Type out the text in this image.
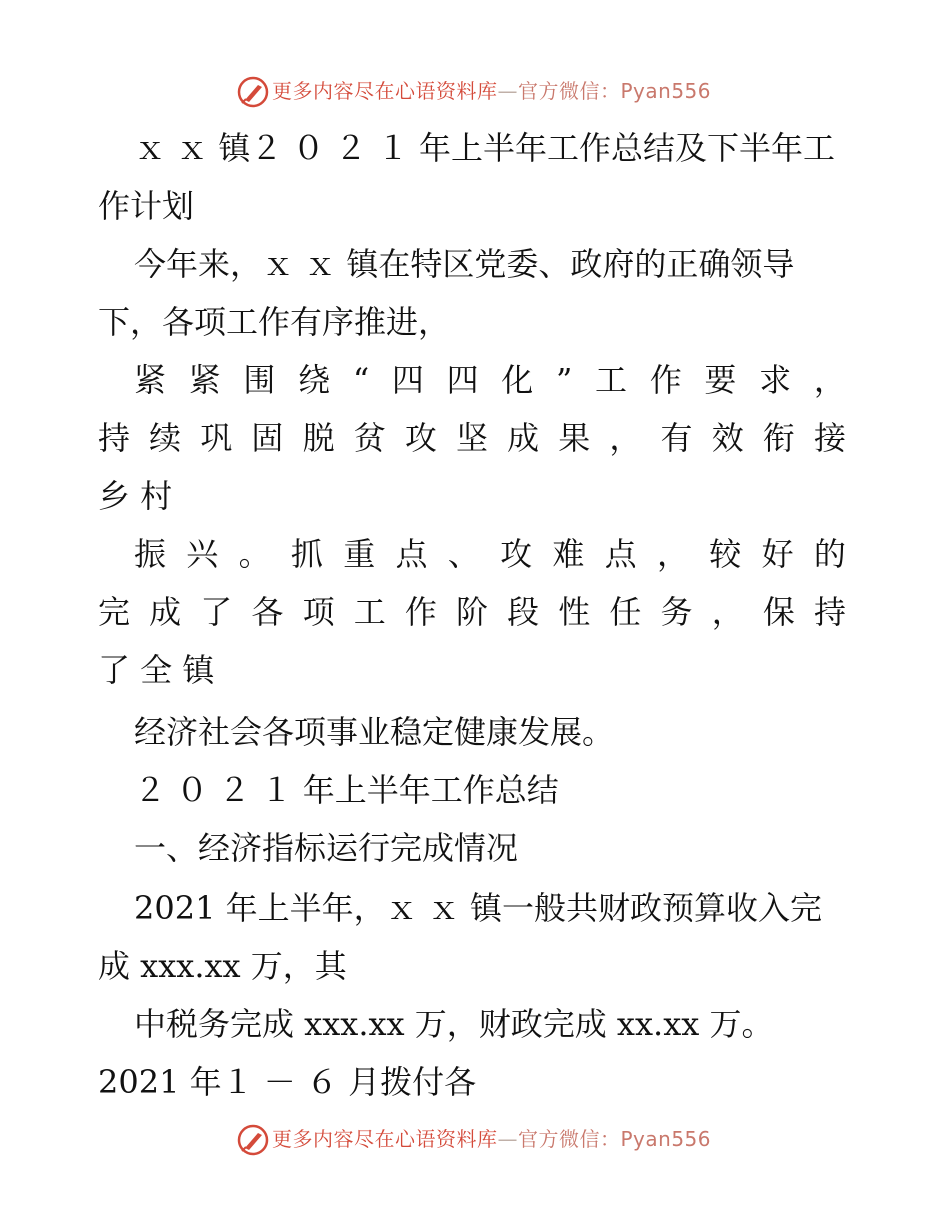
更多内容尽在心语资料库—官方微信：Pyan556
ｘ ｘ 镇２ ０ ２ １ 年上半年工作总结及下半年工
作计划
今年来，ｘ ｘ 镇在特区党委、政府的正确领导
下，各项工作有序推进，
紧 紧 围 绕 “ 四 四 化 ” 工 作 要 求 ，
持 续 巩 固 脱 贫 攻 坚 成 果 ， 有 效 衔 接
乡 村
振 兴 。 抓 重 点 、 攻 难 点 ， 较 好 的
完 成 了 各 项 工 作 阶 段 性 任 务 ， 保 持
了 全 镇
经济社会各项事业稳定健康发展。
２ ０ ２ １ 年上半年工作总结
一、经济指标运行完成情况
2021 年上半年，ｘ ｘ 镇一般共财政预算收入完
成 xxx.xx 万，其
中税务完成 xxx.xx 万，财政完成 xx.xx 万。
2021 年１ － ６ 月拨付各
更多内容尽在心语资料库—官方微信：Pyan556
